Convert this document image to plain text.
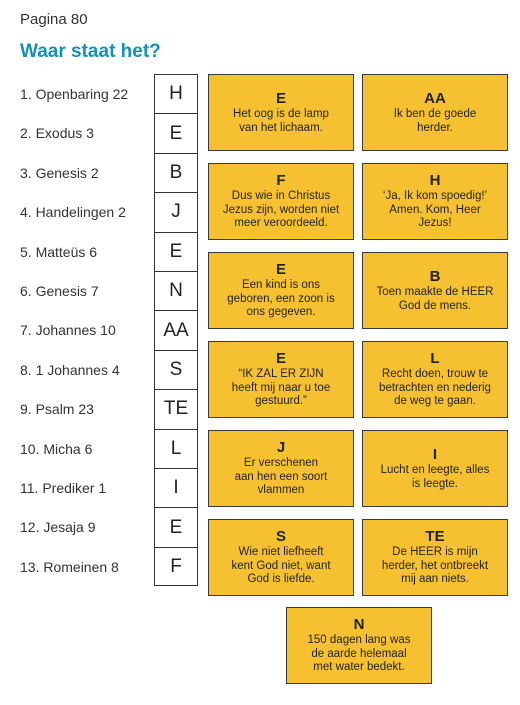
Pagina 80
Waar staat het?
1. Openbaring 22
2. Exodus 3
3. Genesis 2
4. Handelingen 2
5. Matteüs 6
6. Genesis 7
7. Johannes 10
8. 1 Johannes 4
9. Psalm 23
10. Micha 6
11. Prediker 1
12. Jesaja 9
13. Romeinen 8
H
E
B
J
E
N
AA
S
TE
L
I
E
F
E
Het oog is de lamp
van het lichaam.
AA
Ik ben de goede
herder.
F
Dus wie in Christus
Jezus zijn, worden niet
meer veroordeeld.
H
‘Ja, Ik kom spoedig!’
Amen. Kom, Heer
Jezus!
E
Een kind is ons
geboren, een zoon is
ons gegeven.
B
Toen maakte de HEER
God de mens.
E
“IK ZAL ER ZIJN
heeft mij naar u toe
gestuurd.”
L
Recht doen, trouw te
betrachten en nederig
de weg te gaan.
J
Er verschenen
aan hen een soort
vlammen
I
Lucht en leegte, alles
is leegte.
S
Wie niet liefheeft
kent God niet, want
God is liefde.
TE
De HEER is mijn
herder, het ontbreekt
mij aan niets.
N
150 dagen lang was
de aarde helemaal
met water bedekt.
